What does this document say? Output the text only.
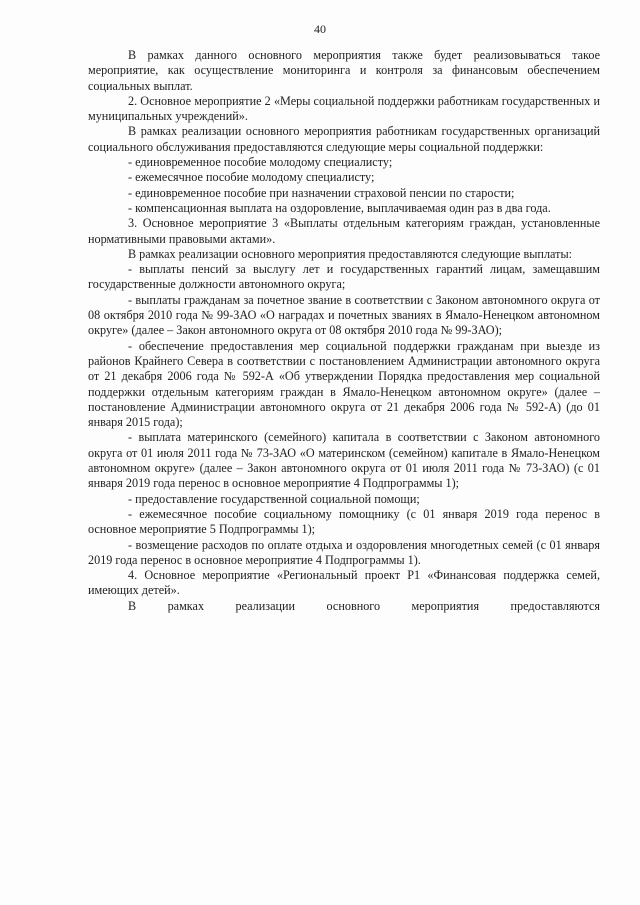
40

В рамках данного основного мероприятия также будет реализовываться такое мероприятие, как осуществление мониторинга и контроля за финансовым обеспечением социальных выплат.

2. Основное мероприятие 2 «Меры социальной поддержки работникам государственных и муниципальных учреждений».

В рамках реализации основного мероприятия работникам государственных организаций социального обслуживания предоставляются следующие меры социальной поддержки:

- единовременное пособие молодому специалисту;

- ежемесячное пособие молодому специалисту;

- единовременное пособие при назначении страховой пенсии по старости;

- компенсационная выплата на оздоровление, выплачиваемая один раз в два года.

3. Основное мероприятие 3 «Выплаты отдельным категориям граждан, установленные нормативными правовыми актами».

В рамках реализации основного мероприятия предоставляются следующие выплаты:

- выплаты пенсий за выслугу лет и государственных гарантий лицам, замещавшим государственные должности автономного округа;

- выплаты гражданам за почетное звание в соответствии с Законом автономного округа от 08 октября 2010 года № 99-ЗАО «О наградах и почетных званиях в Ямало-Ненецком автономном округе» (далее – Закон автономного округа от 08 октября 2010 года № 99-ЗАО);

- обеспечение предоставления мер социальной поддержки гражданам при выезде из районов Крайнего Севера в соответствии с постановлением Администрации автономного округа от 21 декабря 2006 года № 592-А «Об утверждении Порядка предоставления мер социальной поддержки отдельным категориям граждан в Ямало-Ненецком автономном округе» (далее – постановление Администрации автономного округа от 21 декабря 2006 года № 592-А) (до 01 января 2015 года);

- выплата материнского (семейного) капитала в соответствии с Законом автономного округа от 01 июля 2011 года № 73-ЗАО «О материнском (семейном) капитале в Ямало-Ненецком автономном округе» (далее – Закон автономного округа от 01 июля 2011 года № 73-ЗАО) (с 01 января 2019 года перенос в основное мероприятие 4 Подпрограммы 1);

- предоставление государственной социальной помощи;

- ежемесячное пособие социальному помощнику (с 01 января 2019 года перенос в основное мероприятие 5 Подпрограммы 1);

- возмещение расходов по оплате отдыха и оздоровления многодетных семей (с 01 января 2019 года перенос в основное мероприятие 4 Подпрограммы 1).

4. Основное мероприятие «Региональный проект Р1 «Финансовая поддержка семей, имеющих детей».

В рамках реализации основного мероприятия предоставляются
